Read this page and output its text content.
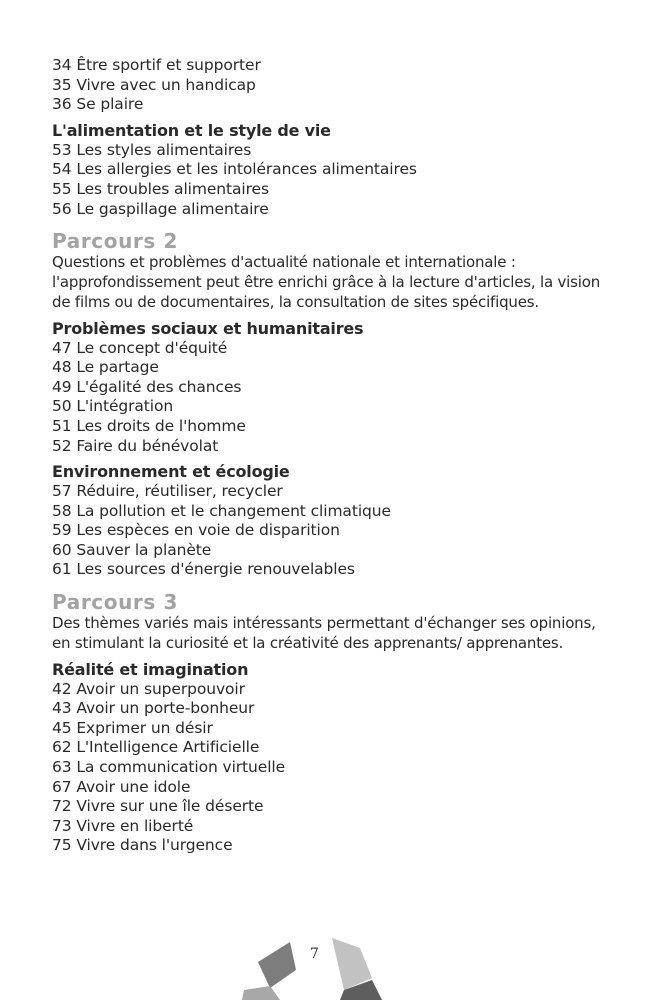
34 Être sportif et supporter
35 Vivre avec un handicap
36 Se plaire
L'alimentation et le style de vie
53 Les styles alimentaires
54 Les allergies et les intolérances alimentaires
55 Les troubles alimentaires
56 Le gaspillage alimentaire
Parcours 2
Questions et problèmes d'actualité nationale et internationale : l'approfondissement peut être enrichi grâce à la lecture d'articles, la vision de films ou de documentaires, la consultation de sites spécifiques.
Problèmes sociaux et humanitaires
47 Le concept d'équité
48 Le partage
49 L'égalité des chances
50 L'intégration
51 Les droits de l'homme
52 Faire du bénévolat
Environnement et écologie
57 Réduire, réutiliser, recycler
58 La pollution et le changement climatique
59 Les espèces en voie de disparition
60 Sauver la planète
61 Les sources d'énergie renouvelables
Parcours 3
Des thèmes variés mais intéressants permettant d'échanger ses opinions, en stimulant la curiosité et la créativité des apprenants/ apprenantes.
Réalité et imagination
42 Avoir un superpouvoir
43 Avoir un porte-bonheur
45 Exprimer un désir
62 L'Intelligence Artificielle
63 La communication virtuelle
67 Avoir une idole
72 Vivre sur une île déserte
73 Vivre en liberté
75 Vivre dans l'urgence
7
